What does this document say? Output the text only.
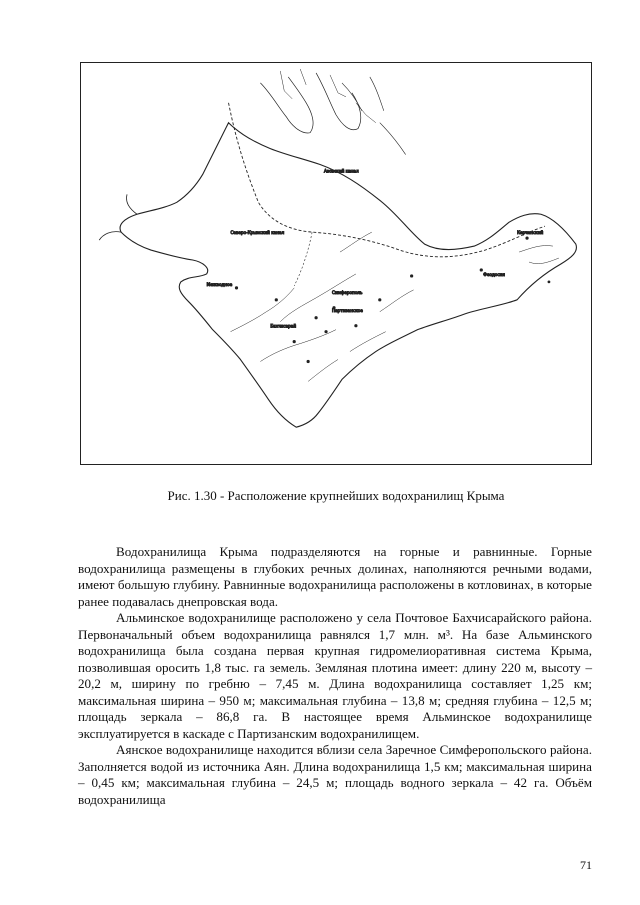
Северо-Крымский канал
Азовский канал
Межводное
Симферополь
Партизанское
Бахчисарай
Феодосия
Керченский
Рис. 1.30 - Расположение крупнейших водохранилищ Крыма

Водохранилища Крыма подразделяются на горные и равнинные. Горные водохранилища размещены в глубоких речных долинах, наполняются речными водами, имеют большую глубину. Равнинные водохранилища расположены в котловинах, в которые ранее подавалась днепровская вода.

Альминское водохранилище расположено у села Почтовое Бахчисарайского района. Первоначальный объем водохранилища равнялся 1,7 млн. м³. На базе Альминского водохранилища была создана первая крупная гидромелиоративная система Крыма, позволившая оросить 1,8 тыс. га земель. Земляная плотина имеет: длину 220 м, высоту – 20,2 м, ширину по гребню – 7,45 м. Длина водохранилища составляет 1,25 км; максимальная ширина – 950 м; максимальная глубина – 13,8 м; средняя глубина – 12,5 м; площадь зеркала – 86,8 га. В настоящее время Альминское водохранилище эксплуатируется в каскаде с Партизанским водохранилищем.

Аянское водохранилище находится вблизи села Заречное Симферопольского района. Заполняется водой из источника Аян. Длина водохранилища 1,5 км; максимальная ширина – 0,45 км; максимальная глубина – 24,5 м; площадь водного зеркала – 42 га. Объём водохранилища

71
